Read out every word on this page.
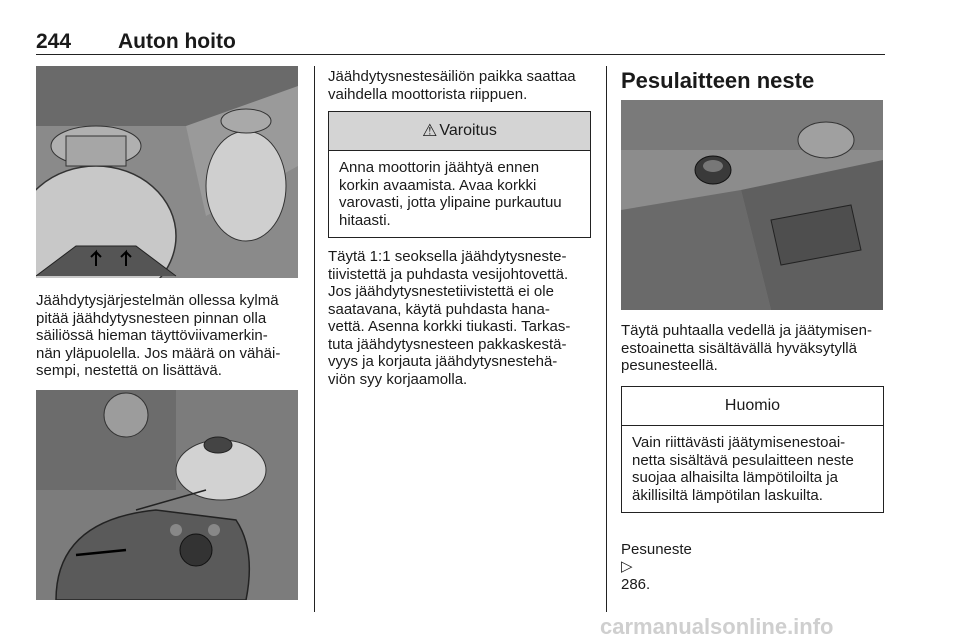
244 Auton hoito
Jäähdytysjärjestelmän ollessa kylmä
pitää jäähdytysnesteen pinnan olla
säiliössä hieman täyttöviivamerkin-
nän yläpuolella. Jos määrä on vähäi-
sempi, nestettä on lisättävä.
Jäähdytysnestesäiliön paikka saattaa
vaihdella moottorista riippuen.
⚠ Varoitus
Anna moottorin jäähtyä ennen
korkin avaamista. Avaa korkki
varovasti, jotta ylipaine purkautuu
hitaasti.
Täytä 1:1 seoksella jäähdytysneste-
tiivistettä ja puhdasta vesijohtovettä.
Jos jäähdytysnestetiivistettä ei ole
saatavana, käytä puhdasta hana-
vettä. Asenna korkki tiukasti. Tarkas-
tuta jäähdytysnesteen pakkaskestä-
vyys ja korjauta jäähdytysnestehä-
viön syy korjaamolla.
Pesulaitteen neste
Täytä puhtaalla vedellä ja jäätymisen-
estoainetta sisältävällä hyväksytyllä
pesunesteellä.
Huomio
Vain riittävästi jäätymisenestoai-
netta sisältävä pesulaitteen neste
suojaa alhaisilta lämpötiloilta ja
äkillisiltä lämpötilan laskuilta.

Pesuneste
▷
286.

carmanualsonline.info
